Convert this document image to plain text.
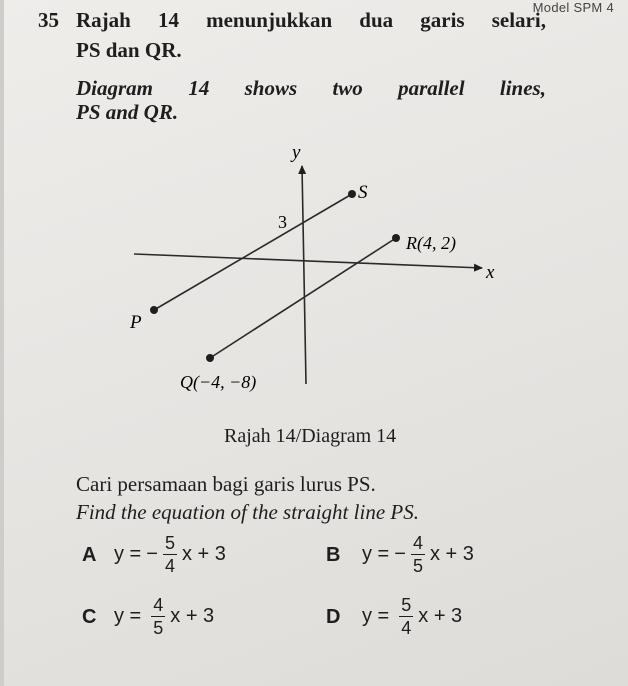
Model SPM 4
35 Rajah 14 menunjukkan dua garis selari,
PS dan QR.
Diagram 14 shows two parallel lines,
PS and QR.
y
x
S
P
R(4, 2)
Q(−4, −8)
3
Rajah 14/Diagram 14
Cari persamaan bagi garis lurus PS.
Find the equation of the straight line PS.
A y = − $\frac{5}{4}$ x + 3	B y = − $\frac{4}{5}$ x + 3
C $y = \frac{4}{5}$ x + 3	D $y = \frac{5}{4}$ x + 3
